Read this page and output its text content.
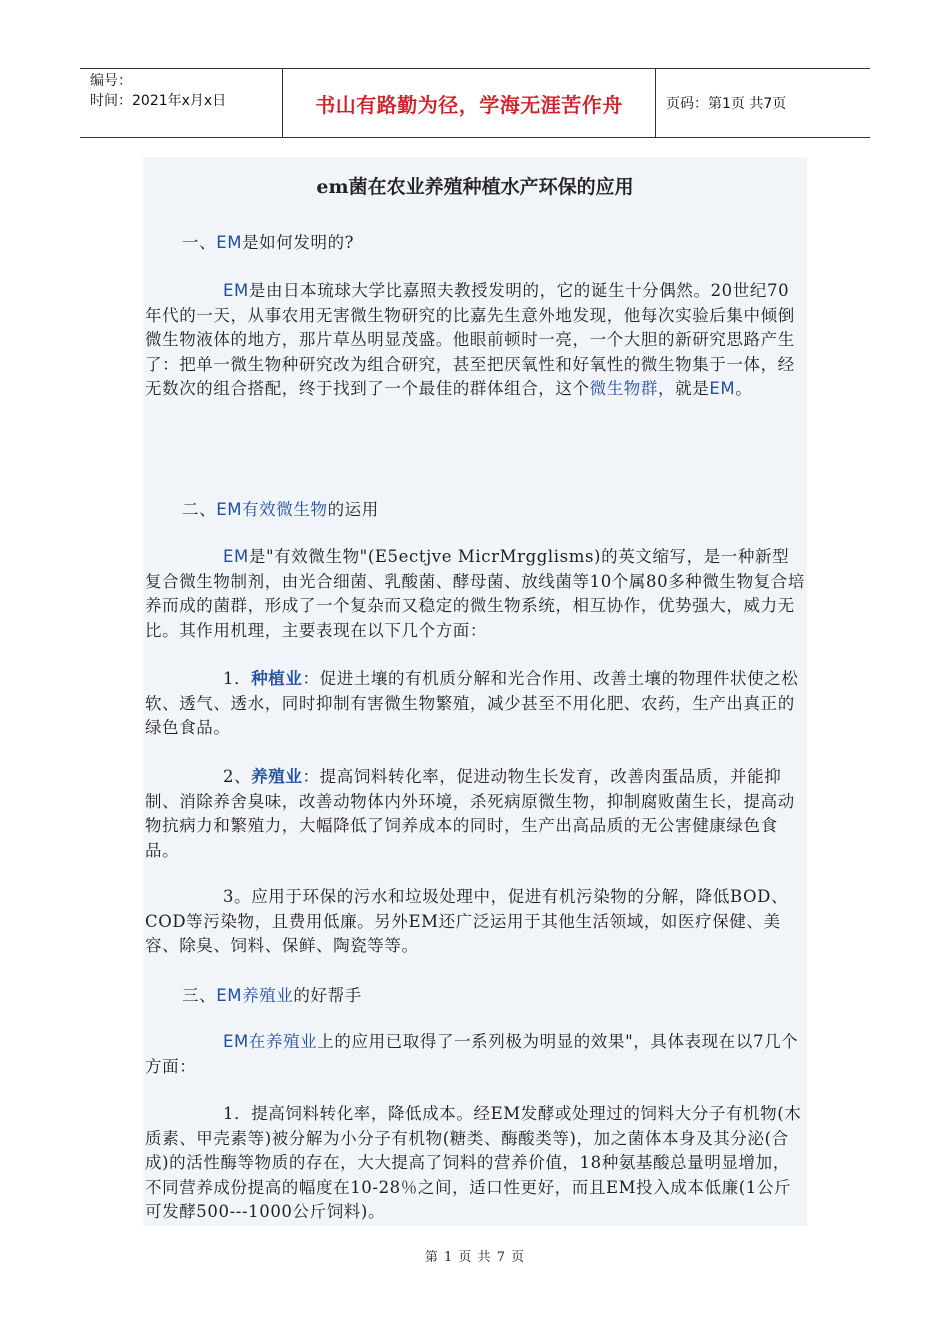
编号：
时间：2021年x月x日	书山有路勤为径，学海无涯苦作舟	页码：第1页 共7页
em菌在农业养殖种植水产环保的应用
一、EM是如何发明的?
EM是由日本琉球大学比嘉照夫教授发明的，它的诞生十分偶然。20世纪70年代的一天，从事农用无害微生物研究的比嘉先生意外地发现，他每次实验后集中倾倒微生物液体的地方，那片草丛明显茂盛。他眼前顿时一亮，一个大胆的新研究思路产生了：把单一微生物种研究改为组合研究，甚至把厌氧性和好氧性的微生物集于一体，经无数次的组合搭配，终于找到了一个最佳的群体组合，这个微生物群，就是EM。
二、EM有效微生物的运用
EM是"有效微生物"(E5ectjve MicrMrgglisms)的英文缩写，是一种新型复合微生物制剂，由光合细菌、乳酸菌、酵母菌、放线菌等10个属80多种微生物复合培养而成的菌群，形成了一个复杂而又稳定的微生物系统，相互协作，优势强大，威力无比。其作用机理，主要表现在以下几个方面：
1．种植业：促进土壤的有机质分解和光合作用、改善土壤的物理件状使之松软、透气、透水，同时抑制有害微生物繁殖，减少甚至不用化肥、农药，生产出真正的绿色食品。
2、养殖业：提高饲料转化率，促进动物生长发育，改善肉蛋品质，并能抑制、消除养舍臭味，改善动物体内外环境，杀死病原微生物，抑制腐败菌生长，提高动物抗病力和繁殖力，大幅降低了饲养成本的同时，生产出高品质的无公害健康绿色食品。
3。应用于环保的污水和垃圾处理中，促进有机污染物的分解，降低BOD、COD等污染物，且费用低廉。另外EM还广泛运用于其他生活领域，如医疗保健、美容、除臭、饲料、保鲜、陶瓷等等。
三、EM养殖业的好帮手
EM在养殖业上的应用已取得了一系列极为明显的效果"，具体表现在以7几个方面：
1．提高饲料转化率，降低成本。经EM发酵或处理过的饲料大分子有机物(木质素、甲壳素等)被分解为小分子有机物(糖类、酶酸类等)，加之菌体本身及其分泌(合成)的活性酶等物质的存在，大大提高了饲料的营养价值，18种氨基酸总量明显增加，不同营养成份提高的幅度在10-28％之间，适口性更好，而且EM投入成本低廉(1公斤可发酵500---1000公斤饲料)。
第 1 页 共 7 页
